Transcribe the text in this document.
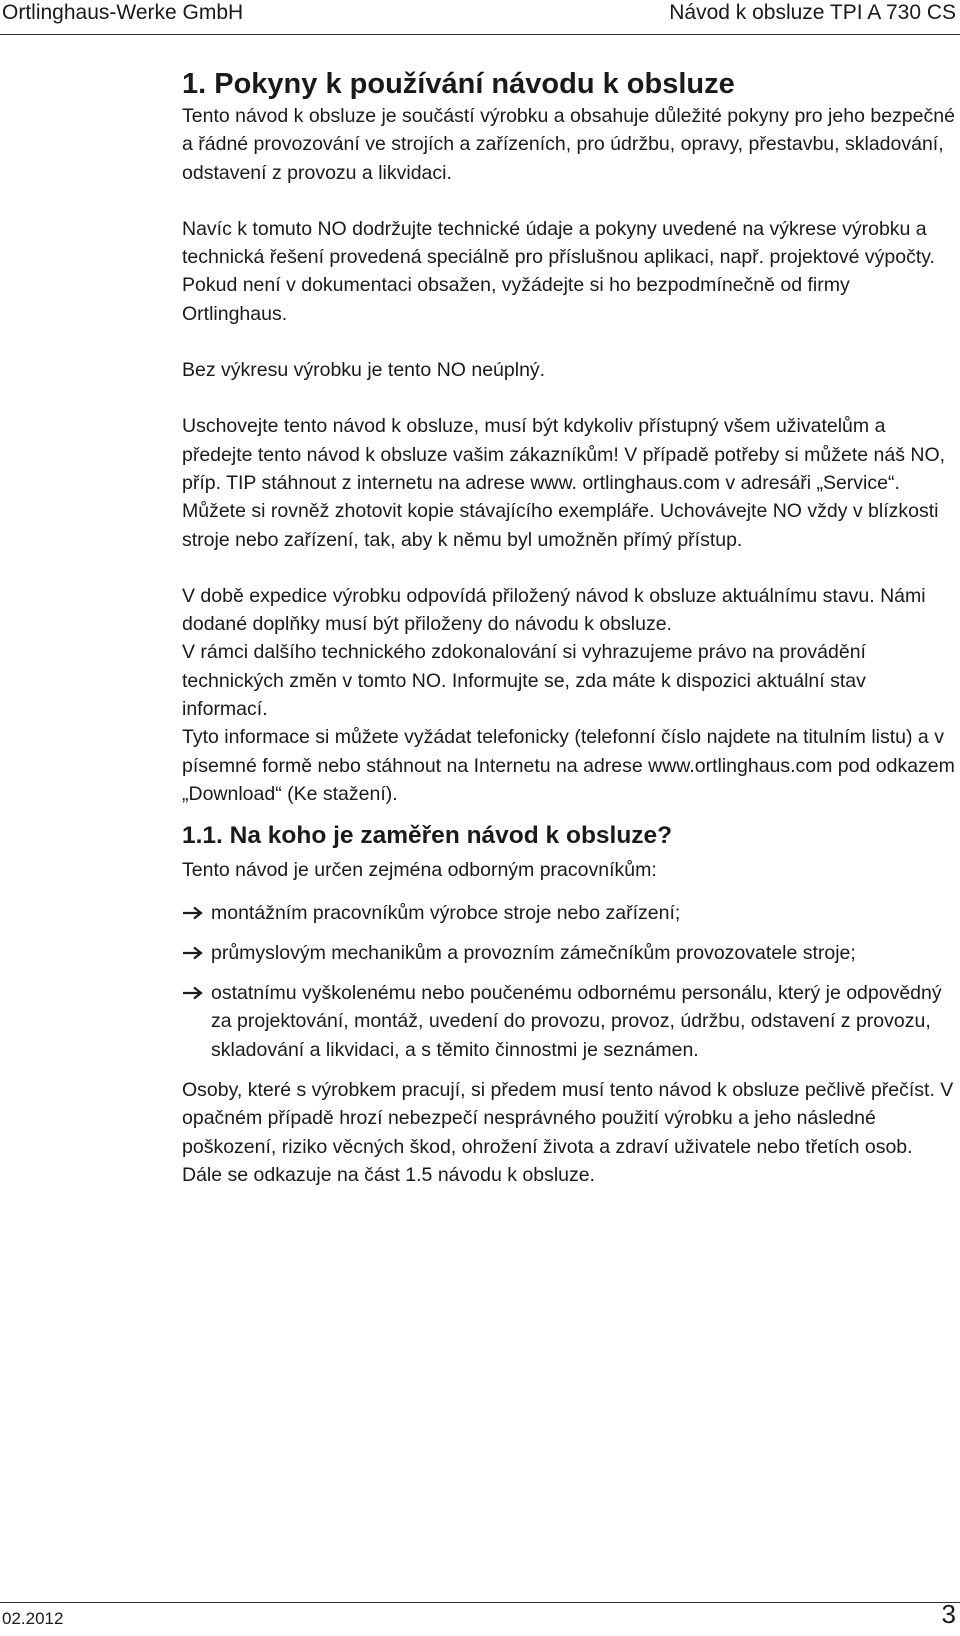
Ortlinghaus-Werke GmbH	Návod k obsluze TPI A 730 CS
1. Pokyny k používání návodu k obsluze

Tento návod k obsluze je součástí výrobku a obsahuje důležité pokyny pro jeho bezpečné a řádné provozování ve strojích a zařízeních, pro údržbu, opravy, přestavbu, skladování, odstavení z provozu a likvidaci.

Navíc k tomuto NO dodržujte technické údaje a pokyny uvedené na výkrese výrobku a technická řešení provedená speciálně pro příslušnou aplikaci, např. projektové výpočty. Pokud není v dokumentaci obsažen, vyžádejte si ho bezpodmínečně od firmy Ortlinghaus.

Bez výkresu výrobku je tento NO neúplný.

Uschovejte tento návod k obsluze, musí být kdykoliv přístupný všem uživatelům a předejte tento návod k obsluze vašim zákazníkům! V případě potřeby si můžete náš NO, příp. TIP stáhnout z internetu na adrese www. ortlinghaus.com v adresáři „Service“. Můžete si rovněž zhotovit kopie stávajícího exempláře. Uchovávejte NO vždy v blízkosti stroje nebo zařízení, tak, aby k němu byl umožněn přímý přístup.

V době expedice výrobku odpovídá přiložený návod k obsluze aktuálnímu stavu. Námi dodané doplňky musí být přiloženy do návodu k obsluze.

V rámci dalšího technického zdokonalování si vyhrazujeme právo na provádění technických změn v tomto NO. Informujte se, zda máte k dispozici aktuální stav informací.

Tyto informace si můžete vyžádat telefonicky (telefonní číslo najdete na titulním listu) a v písemné formě nebo stáhnout na Internetu na adrese www.ortlinghaus.com pod odkazem „Download“ (Ke stažení).

1.1. Na koho je zaměřen návod k obsluze?

Tento návod je určen zejména odborným pracovníkům:

montážním pracovníkům výrobce stroje nebo zařízení;
průmyslovým mechanikům a provozním zámečníkům provozovatele stroje;
ostatnímu vyškolenému nebo poučenému odbornému personálu, který je odpovědný za projektování, montáž, uvedení do provozu, provoz, údržbu, odstavení z provozu, skladování a likvidaci, a s těmito činnostmi je seznámen.

Osoby, které s výrobkem pracují, si předem musí tento návod k obsluze pečlivě přečíst. V opačném případě hrozí nebezpečí nesprávného použití výrobku a jeho následné poškození, riziko věcných škod, ohrožení života a zdraví uživatele nebo třetích osob. Dále se odkazuje na část 1.5 návodu k obsluze.

02.2012	3
